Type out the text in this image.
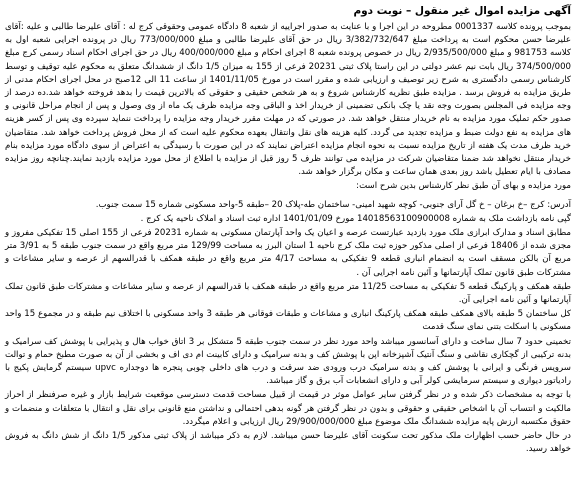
آگهی مزایده اموال غیر منقول – نوبت دوم

بموجب پرونده کلاسه 0001337 مطروحه در این اجرا و با عنایت به صدور اجراییه از شعبه 8 دادگاه عمومی وحقوقی کرج له : آقای علیرضا طالبی و علیه :آقای علیرضا حسن محکوم است به پرداخت مبلغ 3/382/732/647 ریال در حق آقای علیرضا طالبی و مبلغ 773/000/000 ریال در پرونده اجرایی شعبه اول به کلاسه 981753 و مبلغ 2/935/500/000 ریال در خصوص پرونده شعبه 8 اجرای احکام و مبلغ 400/000/000 ریال در حق اجرای احکام اسناد رسمی کرج مبلغ 374/500/000 ریال بابت نیم عشر دولتی در این راستا پلاک ثبتی 20231 فرعی از 155 به میزان 1/5 دانگ از ششدانگ متعلق به محکوم علیه توقیف و توسط کارشناس رسمی دادگستری به شرح زیر توصیف و ارزیابی شده و مقرر است در مورخ 1401/11/05 از ساعت 11 الی 12صبح در محل اجرای احکام مدنی از طریق مزایده به فروش برسد . مزایده طبق نظریه کارشناس شروع و به هر شخص حقیقی و حقوقی که بالاترین قیمت را بدهد فروخته خواهد شد.ده درصد از وجه مزایده فی المجلس بصورت وجه نقد یا چک بانکی تضمینی از خریدار اخذ و الباقی وجه مزایده ظرف یک ماه از وی وصول و پس از انجام مراحل قانونی و صدور حکم تملیک مورد مزایده به نام خریدار منتقل خواهد شد. در صورتی که در مهلت مقرر خریدار وجه مزایده را پرداخت ننماید سپرده وی پس از کسر هزینه های مزایده به نفع دولت ضبط و مزایده تجدید می گردد. کلیه هزینه های نقل وانتقال بعهده محکوم علیه است که از محل فروش پرداخت خواهد شد. متقاضیان خرید ظرف مدت یک هفته از تاریخ مزایده نسبت به نحوه انجام مزایده اعتراض نمایند که در این صورت با رسیدگی به اعتراض از سوی دادگاه مورد مزایده بنام خریدار منتقل نخواهد شد ضمنا متقاضیان شرکت در مزایده می توانند ظرف 5 روز قبل از مزایده با اطلاع از محل مورد مزایده بازدید نمایند.چنانچه روز مزایده مصادف با ایام تعطیل باشد روز بعدی همان ساعت و مکان برگزار خواهد شد.

مورد مزایده و بهای آن طبق نظر کارشناس بدین شرح است:

آدرس: کرج –خ برغان – خ گل آرای جنوبی- کوچه شهید امینی- ساختمان طه-پلاک 20 –طبقه 5-واحد مسکونی شماره 15 سمت جنوب.

گپی نامه بازداشت ملک به شماره 14018563100900008 مورخ 1401/01/09 اداره ثبت اسناد و املاک ناحیه یک کرج .

مطابق اسناد و مدارک ابرازی ملک مورد بازدید عبارتست عرصه و اعیان یک واحد آپارتمان مسکونی به شماره 20231 فرعی از 155 اصلی 15 تفکیکی مفروز و مجزی شده از 18406 فرعی از اصلی مذکور حوزه ثبت ملک کرج ناحیه 1 استان البرز به مساحت 129/99 متر مربع واقع در سمت جنوب طبقه 5 به 3/91 متر مربع آن بالکن مسقف است به انضمام انباری قطعه 9 تفکیکی به مساحت 4/17 متر مربع واقع در طبقه همکف با قدرالسهم از عرصه و سایر مشاعات و مشترکات طبق قانون تملک آپارتمانها و آئین نامه اجرایی آن .

طبقه همکف و پارکینگ قطعه 5 تفکیکی به مساحت 11/25 متر مربع واقع در طبقه همکف با قدرالسهم از عرصه و سایر مشاعات و مشترکات طبق قانون تملک آپارتمانها و آئین نامه اجرایی آن.

کل ساختمان 5 طبقه بالای همکف طبقه همکف پارکینگ انباری و مشاعات و طبقات فوقانی هر طبقه 3 واحد مسکونی با اختلاف نیم طبقه و در مجموع 15 واحد مسکونی با اسکلت بتنی نمای سنگ قدمت

تخمینی حدود 7 سال ساخت و دارای آسانسور میباشد واحد مورد نظر در سمت جنوب طبقه 5 متشکل بر 3 اتاق خواب هال و پذیرایی با پوشش کف سرامیک و بدنه ترکیبی از گچکاری نقاشی و سنگ آنتیک آشپزخانه اپن با پوشش کف و بدنه سرامیک و دارای کابینت ام دی اف و بخشی از آن به صورت مطبخ حمام و توالت سرویس فرنگی و ایرانی با پوشش کف و بدنه سرامیک درب ورودی ضد سرقت و درب های داخلی چوبی پنجره ها دوجداره upvc سیستم گرمایش پکیج با رادیاتور دیواری و سیستم سرمایشی کولر آبی و دارای انشعابات آب برق و گاز میباشد.

با توجه به مشخصات ذکر شده و در نظر گرفتن سایر عوامل موثر در قیمت از قبیل مساحت قدمت دسترسی موقعیت شرایط بازار و غیره صرفنظر از احراز مالکیت و انتساب آن با اشخاص حقیقی و حقوقی و بدون در نظر گرفتن هر گونه بدهی احتمالی و نداشتن منع قانونی برای نقل و انتقال با متعلقات و منضمات و حقوق مکتسبه ارزش پایه مزایده ششدانگ ملک موضوع مبلغ 29/900/000/000 ریال ارزیابی و اعلام میگردد.

در حال حاضر حسب اظهارات ملک مذکور تحت سکونت آقای علیرضا حسن میباشد. لازم به ذکر میباشد از پلاک ثبتی مذکور 1/5 دانگ از شش دانگ به فروش خواهد رسید.
